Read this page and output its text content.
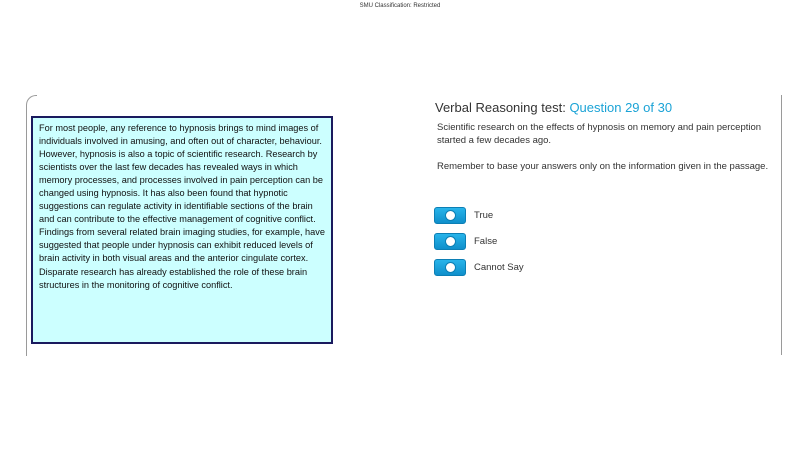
SMU Classification: Restricted
For most people, any reference to hypnosis brings to mind images of individuals involved in amusing, and often out of character, behaviour. However, hypnosis is also a topic of scientific research. Research by scientists over the last few decades has revealed ways in which memory processes, and processes involved in pain perception can be changed using hypnosis. It has also been found that hypnotic suggestions can regulate activity in identifiable sections of the brain and can contribute to the effective management of cognitive conflict. Findings from several related brain imaging studies, for example, have suggested that people under hypnosis can exhibit reduced levels of brain activity in both visual areas and the anterior cingulate cortex. Disparate research has already established the role of these brain structures in the monitoring of cognitive conflict.
Verbal Reasoning test: Question 29 of 30
Scientific research on the effects of hypnosis on memory and pain perception started a few decades ago.
Remember to base your answers only on the information given in the passage.
True
False
Cannot Say
